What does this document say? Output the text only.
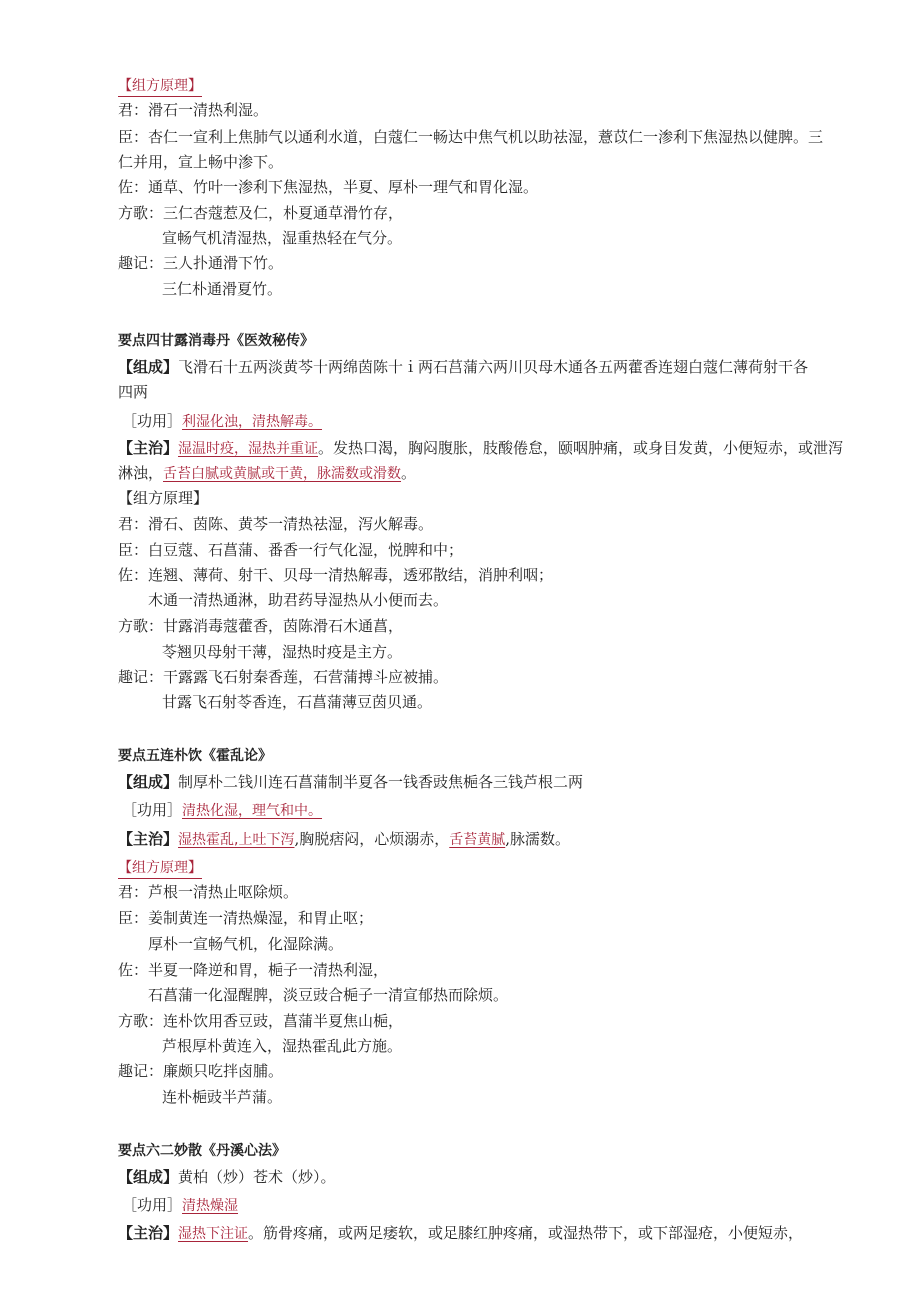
【组方原理】
君：滑石一清热利湿。
臣：杏仁一宣利上焦肺气以通利水道，白蔻仁一畅达中焦气机以助祛湿，薏苡仁一渗利下焦湿热以健脾。三
仁并用，宣上畅中渗下。
佐：通草、竹叶一渗利下焦湿热，半夏、厚朴一理气和胃化湿。
方歌：三仁杏蔻惹及仁，朴夏通草滑竹存，
宣畅气机清湿热，湿重热轻在气分。
趣记：三人扑通滑下竹。
三仁朴通滑夏竹。
要点四甘露消毒丹《医效秘传》
【组成】飞滑石十五两淡黄芩十两绵茵陈十ｉ两石莒蒲六两川贝母木通各五两藿香连翅白蔻仁薄荷射干各
四两
［功用］利湿化浊，清热解毒。
【主治】湿温时疫，湿热并重证。发热口渴，胸闷腹胀，肢酸倦怠，颐咽肿痛，或身目发黄，小便短赤，或泄泻
淋浊，舌苔白腻或黄腻或干黄，脉濡数或滑数。
【组方原理】
君：滑石、茵陈、黄芩一清热祛湿，泻火解毒。
臣：白豆蔻、石菖蒲、番香一行气化湿，悦脾和中；
佐：连翘、薄荷、射干、贝母一清热解毒，透邪散结，消肿利咽；
木通一清热通淋，助君药导湿热从小便而去。
方歌：甘露消毒蔻藿香，茵陈滑石木通菖，
苓翘贝母射干薄，湿热时疫是主方。
趣记：干露露飞石射秦香莲，石营蒲搏斗应被捕。
甘露飞石射苓香连，石菖蒲薄豆茵贝通。
要点五连朴饮《霍乱论》
【组成】制厚朴二钱川连石菖蒲制半夏各一钱香豉焦梔各三钱芦根二两
［功用］清热化湿，理气和中。
【主治】湿热霍乱,上吐下泻,胸脱痞闷，心烦溺赤，舌苔黄腻,脉濡数。
【组方原理】
君：芦根一清热止呕除烦。
臣：姜制黄连一清热燥湿，和胃止呕；
厚朴一宣畅气机，化湿除满。
佐：半夏一降逆和胃，梔子一清热利湿，
石菖蒲一化湿醒脾，淡豆豉合梔子一清宣郁热而除烦。
方歌：连朴饮用香豆豉，菖蒲半夏焦山梔，
芦根厚朴黄连入，湿热霍乱此方施。
趣记：廉颇只吃拌卤脯。
连朴梔豉半芦蒲。
要点六二妙散《丹溪心法》
【组成】黄柏（炒）苍术（炒）。
［功用］清热燥湿
【主治】湿热下注证。筋骨疼痛，或两足痿软，或足膝红肿疼痛，或湿热带下，或下部湿疮，小便短赤，
